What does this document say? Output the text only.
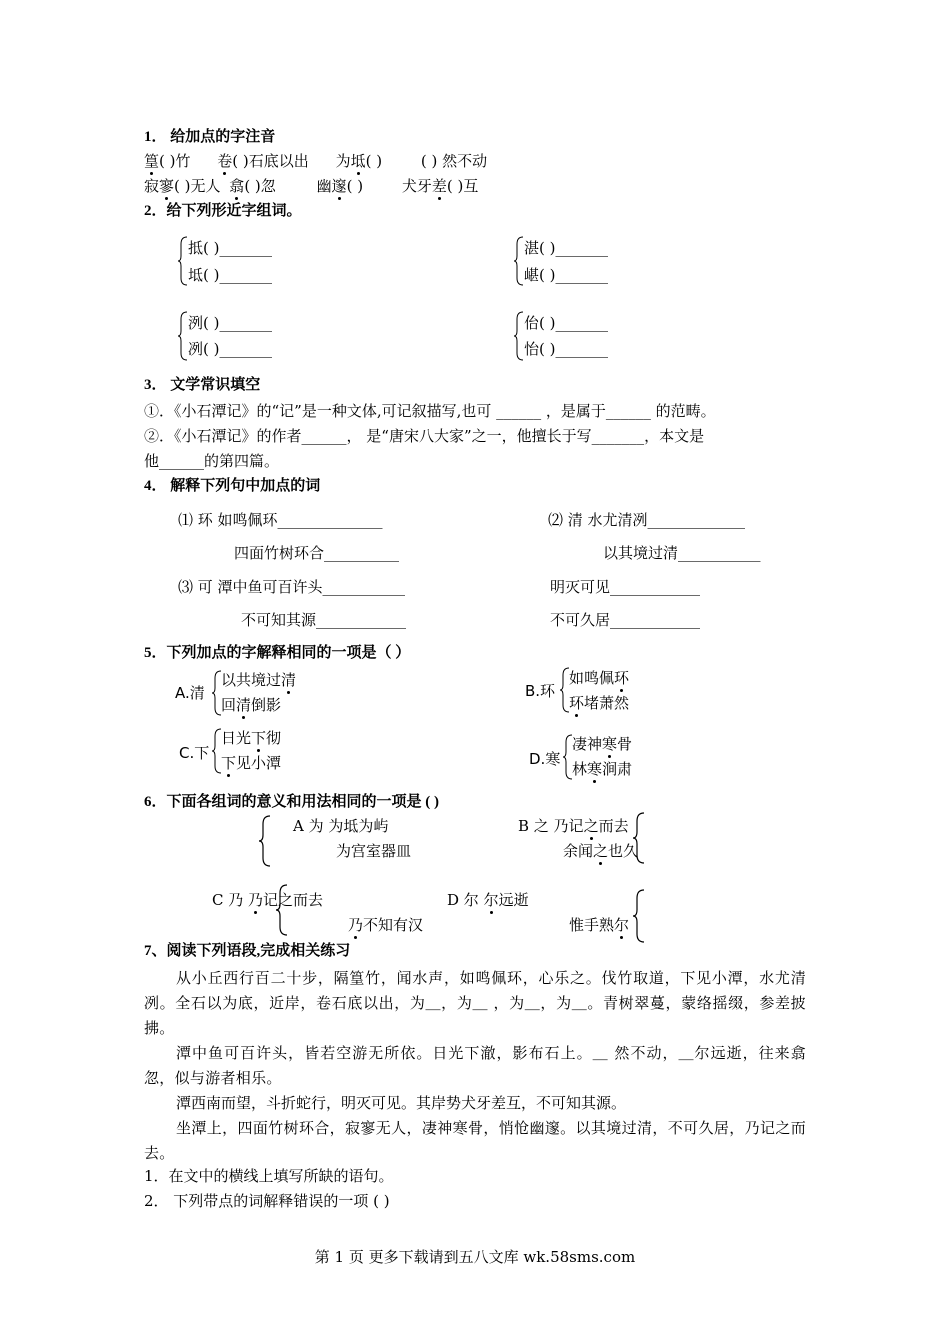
1． 给加点的字注音
篁( )竹 卷( )石底以出 为坻( )	( ) 然不动
寂寥( )无人 翕( )忽	幽邃( )	犬牙差( )互
2．给下列形近字组词。
抵( )_______
坻( )_______
湛( )_______
嵁( )_______
洌( )_______
冽( )_______
佁( )_______
怡( )_______
3． 文学常识填空
①．《小石潭记》的“记”是一种文体,可记叙描写,也可 ______ ，是属于______ 的范畴。
②．《小石潭记》的作者______， 是“唐宋八大家”之一，他擅长于写_______，本文是
他______的第四篇。
4． 解释下列句中加点的词
⑴ 环 如鸣佩环______________
四面竹树环合__________
⑵ 清 水尤清冽_____________
以其境过清___________
⑶ 可 潭中鱼可百许头___________
不可知其源____________
明灭可见____________
不可久居____________
5．下列加点的字解释相同的一项是（ ）
A.清
以共境过清
回清倒影
B.环
如鸣佩环
环堵萧然
C.下
日光下彻
下见小潭	D.寒
凄神寒骨
林寒涧肃
6．下面各组词的意义和用法相同的一项是 ( )
A 为 为坻为屿
为宫室器皿
B 之 乃记之而去
余闻之也久
C 乃 乃记之而去
乃不知有汉
D 尔 尔远逝
惟手熟尔
7、阅读下列语段,完成相关练习
从小丘西行百二十步，隔篁竹，闻水声，如鸣佩环，心乐之。伐竹取道，下见小潭，水尤清冽。全石以为底，近岸，卷石底以出，为＿，为＿ ，为＿，为＿。青树翠蔓，蒙络摇缀，参差披拂。
潭中鱼可百许头，皆若空游无所依。日光下澈，影布石上。＿ 然不动，＿尔远逝，往来翕忽，似与游者相乐。
潭西南而望，斗折蛇行，明灭可见。其岸势犬牙差互，不可知其源。
坐潭上，四面竹树环合，寂寥无人，凄神寒骨，悄怆幽邃。以其境过清，不可久居，乃记之而去。
1．在文中的横线上填写所缺的语句。
2． 下列带点的词解释错误的一项 ( )
第 1 页 更多下载请到五八文库 wk.58sms.com
